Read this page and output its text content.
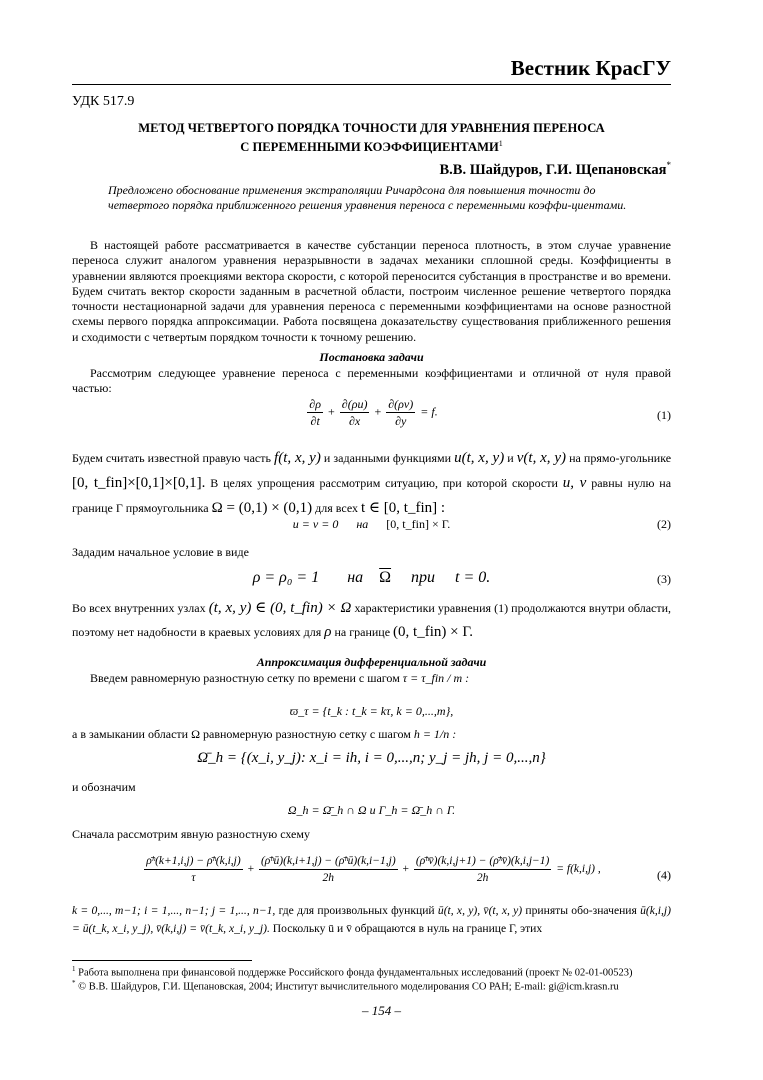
Вестник КрасГУ
УДК 517.9
МЕТОД ЧЕТВЕРТОГО ПОРЯДКА ТОЧНОСТИ ДЛЯ УРАВНЕНИЯ ПЕРЕНОСА
С ПЕРЕМЕННЫМИ КОЭФФИЦИЕНТАМИ$^1$
В.В. Шайдуров, Г.И. Щепановская*
Предложено обоснование применения экстраполяции Ричардсона для повышения точности до четвертого порядка приближенного решения уравнения переноса с переменными коэффи-циентами.
В настоящей работе рассматривается в качестве субстанции переноса плотность, в этом случае уравнение переноса служит аналогом уравнения неразрывности в задачах механики сплошной среды. Коэффициенты в уравнении являются проекциями вектора скорости, с которой переносится субстанция в пространстве и во времени. Будем считать вектор скорости заданным в расчетной области, построим численное решение четвертого порядка точности нестационарной задачи для уравнения переноса с переменными коэффициентами на основе разностной схемы первого порядка аппроксимации. Работа посвящена доказательству существования приближенного решения и сходимости с четвертым порядком точности к точному решению.
Постановка задачи
Рассмотрим следующее уравнение переноса с переменными коэффициентами и отличной от нуля правой частью:
$\frac{\partial\rho}{\partial t} + \frac{\partial(\rho u)}{\partial x} + \frac{\partial(\rho v)}{\partial y} = f$.	(1)
Будем считать известной правую часть f(t, x, y) и заданными функциями u(t, x, y) и v(t, x, y) на прямо-угольнике [0, t_fin]×[0,1]×[0,1]. В целях упрощения рассмотрим ситуацию, при которой скорости u, v равны нулю на границе Γ прямоугольника Ω = (0,1) × (0,1) для всех t ∈ [0, t_fin] :
u = v = 0 на [0, t_fin] × Γ.	(2)
Зададим начальное условие в виде
ρ = ρ₀ = 1 на $\overline{\Omega}$ при t = 0.	(3)
Во всех внутренних узлах (t, x, y) ∈ (0, t_fin) × Ω характеристики уравнения (1) продолжаются внутри области, поэтому нет надобности в краевых условиях для ρ на границе (0, t_fin) × Γ.
Аппроксимация дифференциальной задачи
Введем равномерную разностную сетку по времени с шагом τ = τ_fin / m :
ϖ_τ = {t_k : t_k = kτ, k = 0,...,m},
а в замыкании области Ω равномерную разностную сетку с шагом h = 1/n :
Ω̄_h = {(x_i, y_j): x_i = ih, i = 0,...,n; y_j = jh, j = 0,...,n}
и обозначим
Ω_h = Ω̄_h ∩ Ω и Γ_h = Ω̄_h ∩ Γ.
Сначала рассмотрим явную разностную схему
$\frac{\text{ρ̄ʰ(k+1,i,j) − ρ̄ʰ(k,i,j)}}{\tau} + \frac{\text{(ρ̄ʰū)(k,i+1,j) − (ρ̄ʰū)(k,i−1,j)}}{2h} + \frac{\text{(ρ̄ʰv̄)(k,i,j+1) − (ρ̄ʰv̄)(k,i,j−1)}}{2h} = f(k,i,j)$ ,	(4)
k = 0,..., m−1; i = 1,..., n−1; j = 1,..., n−1, где для произвольных функций ū(t, x, y), v̄(t, x, y) приняты обо-значения ū(k,i,j) = ū(t_k, x_i, y_j), v̄(k,i,j) = v̄(t_k, x_i, y_j). Поскольку ū и v̄ обращаются в нуль на границе Γ, этих
$^1$ Работа выполнена при финансовой поддержке Российского фонда фундаментальных исследований (проект № 02-01-00523)
* © В.В. Шайдуров, Г.И. Щепановская, 2004; Институт вычислительного моделирования СО РАН; E-mail: gi@icm.krasn.ru
– 154 –
